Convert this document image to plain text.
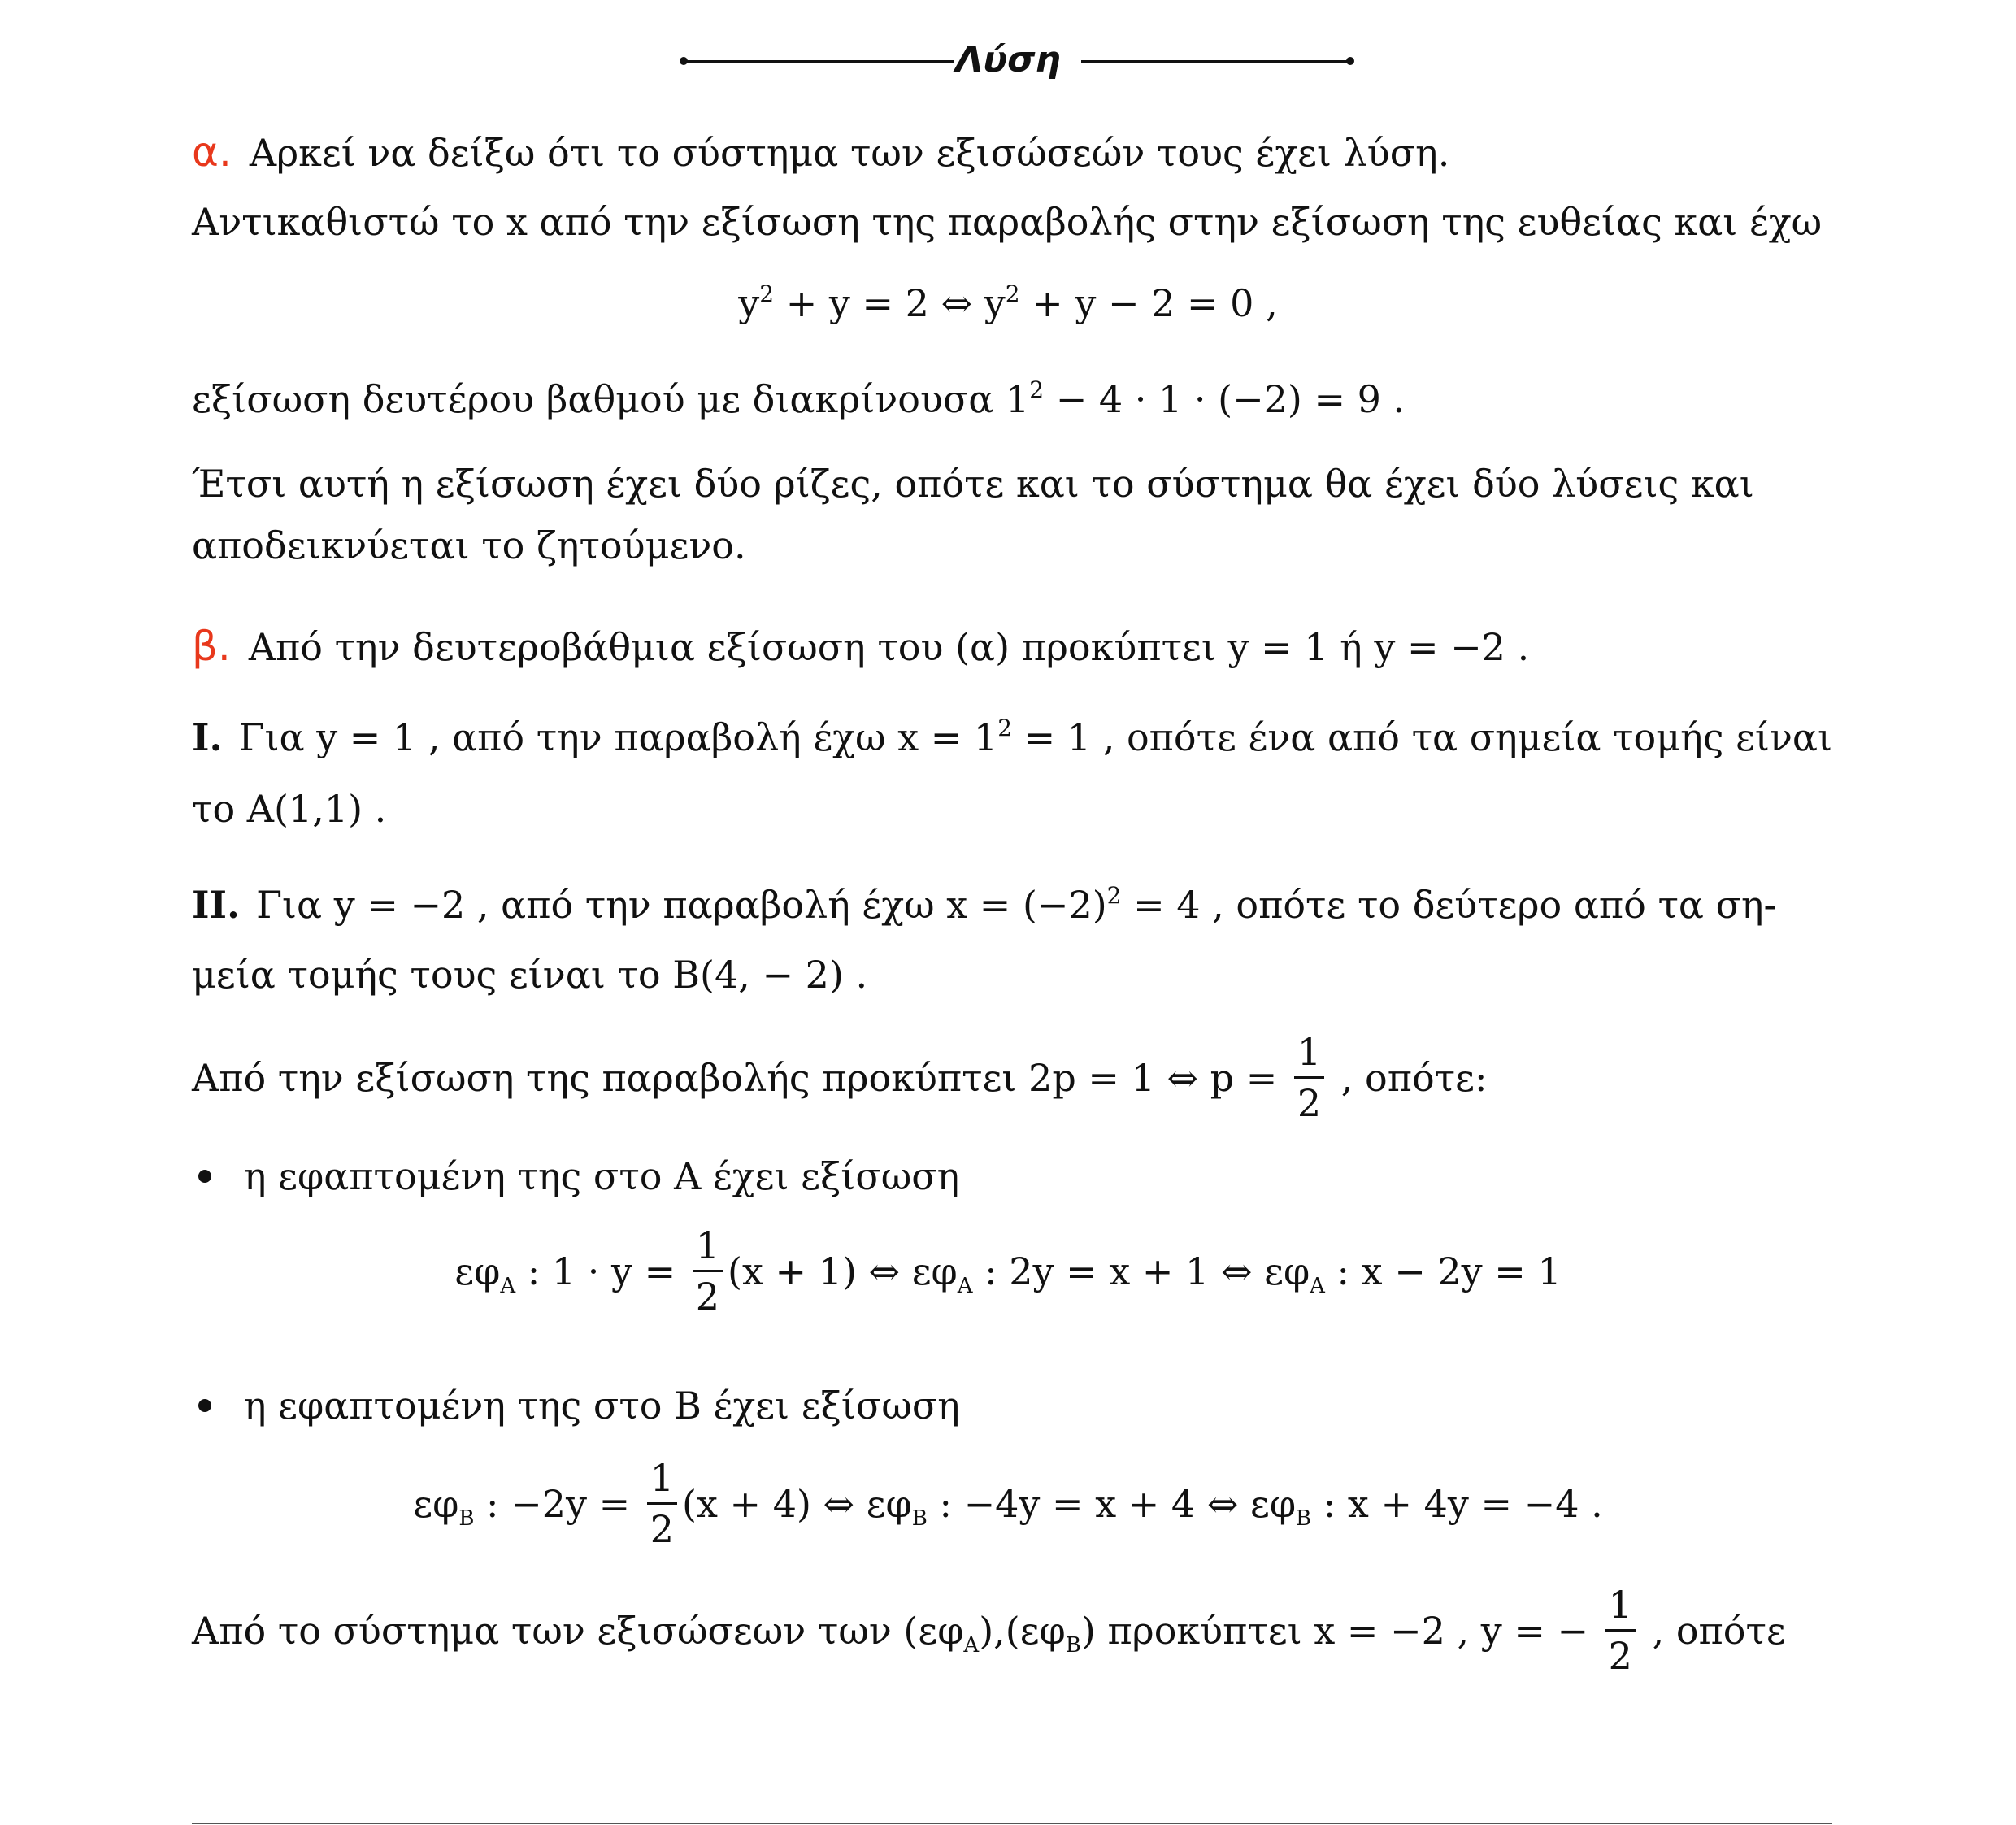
Λύση
α. Αρκεί να δείξω ότι το σύστημα των εξισώσεών τους έχει λύση.
Αντικαθιστώ το x από την εξίσωση της παραβολής στην εξίσωση της ευθείας και έχω
$y^2 + y = 2$ ⇔ $y^2 + y - 2 = 0$ ,
εξίσωση δευτέρου βαθμού με διακρίνουσα $1^2 - 4 \cdot 1 \cdot (-2) = 9$ .
Έτσι αυτή η εξίσωση έχει δύο ρίζες, οπότε και το σύστημα θα έχει δύο λύσεις και
αποδεικνύεται το ζητούμενο.
β. Από την δευτεροβάθμια εξίσωση του (α) προκύπτει y = 1 ή y = −2 .
I. Για y = 1 , από την παραβολή έχω $x = 1^2 = 1$ , οπότε ένα από τα σημεία τομής είναι
το A(1,1) .
II. Για y = −2 , από την παραβολή έχω $x = (-2)^2 = 4$ , οπότε το δεύτερο από τα ση-
μεία τομής τους είναι το B(4, − 2) .
Από την εξίσωση της παραβολής προκύπτει 2p = 1 ⇔ $p = \frac{1}{2}$ , οπότε:
η εφαπτομένη της στο Α έχει εξίσωση
$\varepsilon\varphi_A$ : $1 \cdot y = \frac{1}{2} (x + 1)$ ⇔ $\varepsilon\varphi_A$ : 2y = x + 1 ⇔ $\varepsilon\varphi_A$ : x − 2y = 1
η εφαπτομένη της στο Β έχει εξίσωση
$\varepsilon\varphi_B$ : $-2y = \frac{1}{2} (x + 4)$ ⇔ $\varepsilon\varphi_B$ : −4y = x + 4 ⇔ $\varepsilon\varphi_B$ : x + 4y = −4 .
Από το σύστημα των εξισώσεων των $(\varepsilon\varphi_A),(\varepsilon\varphi_B)$ προκύπτει x = −2 , y = − $\frac{1}{2}$ , οπότε
